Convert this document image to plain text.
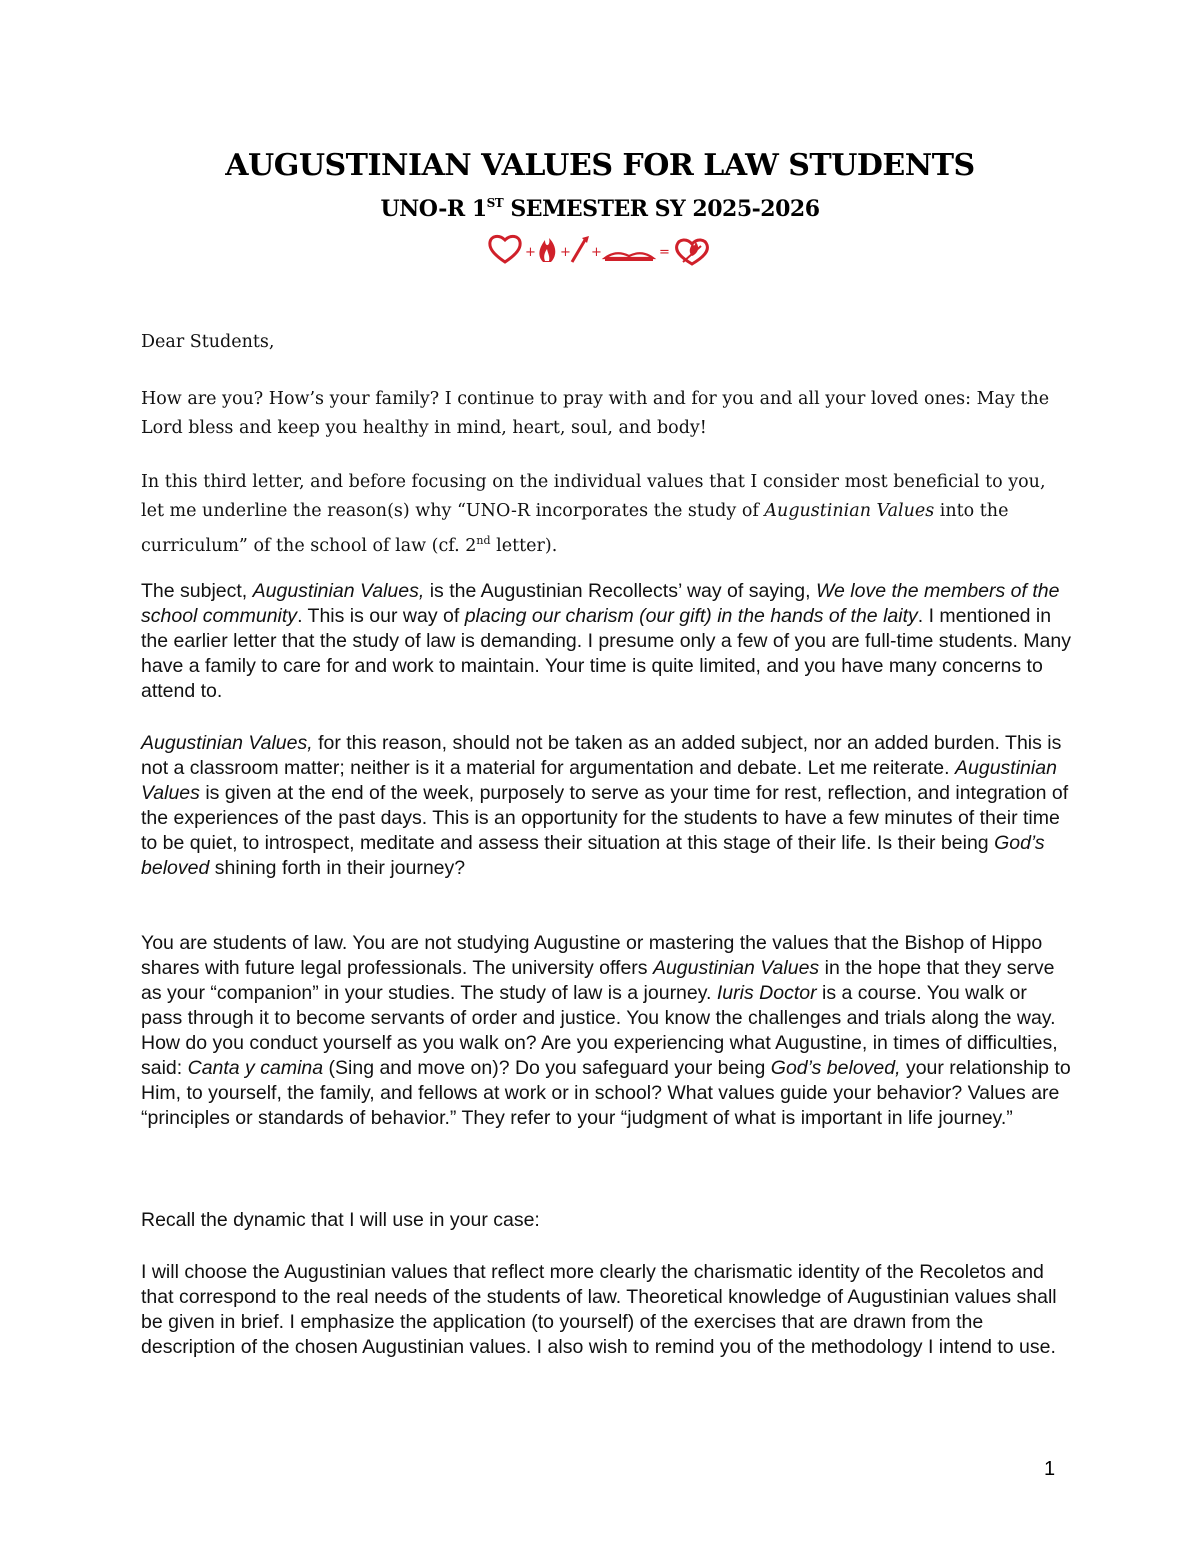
AUGUSTINIAN VALUES FOR LAW STUDENTS
UNO-R 1ST SEMESTER SY 2025-2026
+ + +	=
Dear Students,
How are you? How’s your family? I continue to pray with and for you and all your loved ones: May the Lord bless and keep you healthy in mind, heart, soul, and body!
In this third letter, and before focusing on the individual values that I consider most beneficial to you, let me underline the reason(s) why “UNO-R incorporates the study of Augustinian Values into the curriculum” of the school of law (cf. 2nd letter).
The subject, Augustinian Values, is the Augustinian Recollects’ way of saying, We love the members of the school community. This is our way of placing our charism (our gift) in the hands of the laity. I mentioned in the earlier letter that the study of law is demanding. I presume only a few of you are full-time students. Many have a family to care for and work to maintain. Your time is quite limited, and you have many concerns to attend to.
Augustinian Values, for this reason, should not be taken as an added subject, nor an added burden. This is not a classroom matter; neither is it a material for argumentation and debate. Let me reiterate. Augustinian Values is given at the end of the week, purposely to serve as your time for rest, reflection, and integration of the experiences of the past days. This is an opportunity for the students to have a few minutes of their time to be quiet, to introspect, meditate and assess their situation at this stage of their life. Is their being God’s beloved shining forth in their journey?
You are students of law. You are not studying Augustine or mastering the values that the Bishop of Hippo shares with future legal professionals. The university offers Augustinian Values in the hope that they serve as your “companion” in your studies. The study of law is a journey. Iuris Doctor is a course. You walk or pass through it to become servants of order and justice. You know the challenges and trials along the way. How do you conduct yourself as you walk on? Are you experiencing what Augustine, in times of difficulties, said: Canta y camina (Sing and move on)? Do you safeguard your being God’s beloved, your relationship to Him, to yourself, the family, and fellows at work or in school? What values guide your behavior? Values are “principles or standards of behavior.” They refer to your “judgment of what is important in life journey.”
Recall the dynamic that I will use in your case:
I will choose the Augustinian values that reflect more clearly the charismatic identity of the Recoletos and that correspond to the real needs of the students of law. Theoretical knowledge of Augustinian values shall be given in brief. I emphasize the application (to yourself) of the exercises that are drawn from the description of the chosen Augustinian values. I also wish to remind you of the methodology I intend to use.
1
